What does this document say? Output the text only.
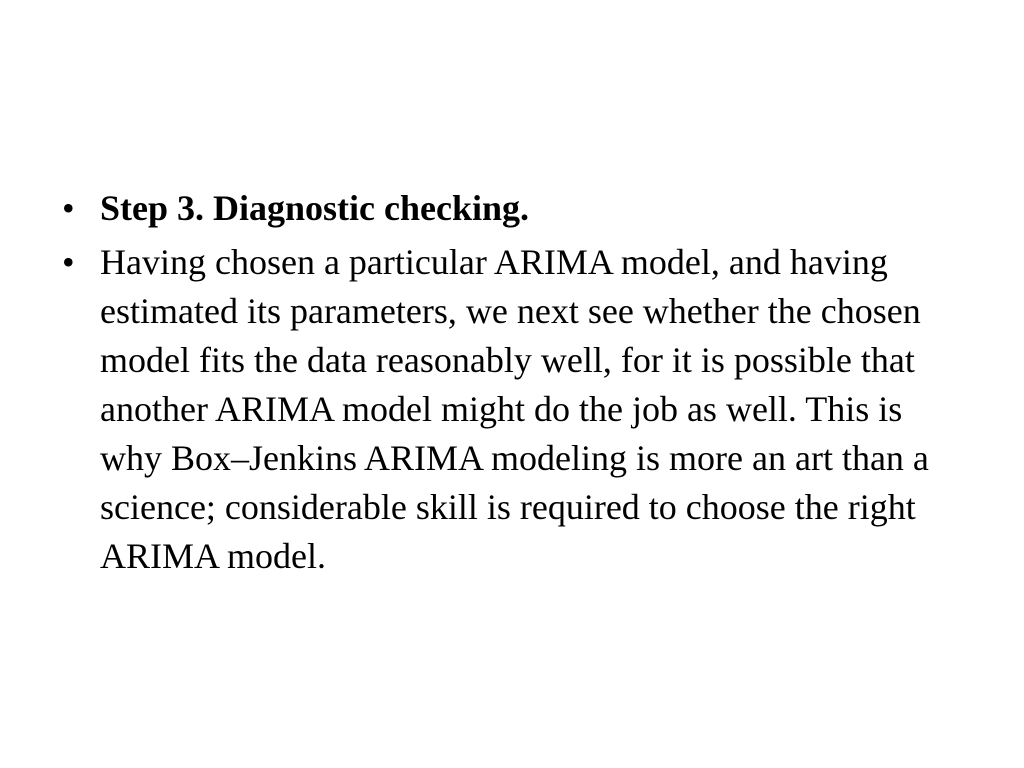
• Step 3. Diagnostic checking.
• Having chosen a particular ARIMA model, and having estimated its parameters, we next see whether the chosen model fits the data reasonably well, for it is possible that another ARIMA model might do the job as well. This is why Box–Jenkins ARIMA modeling is more an art than a science; considerable skill is required to choose the right ARIMA model.
